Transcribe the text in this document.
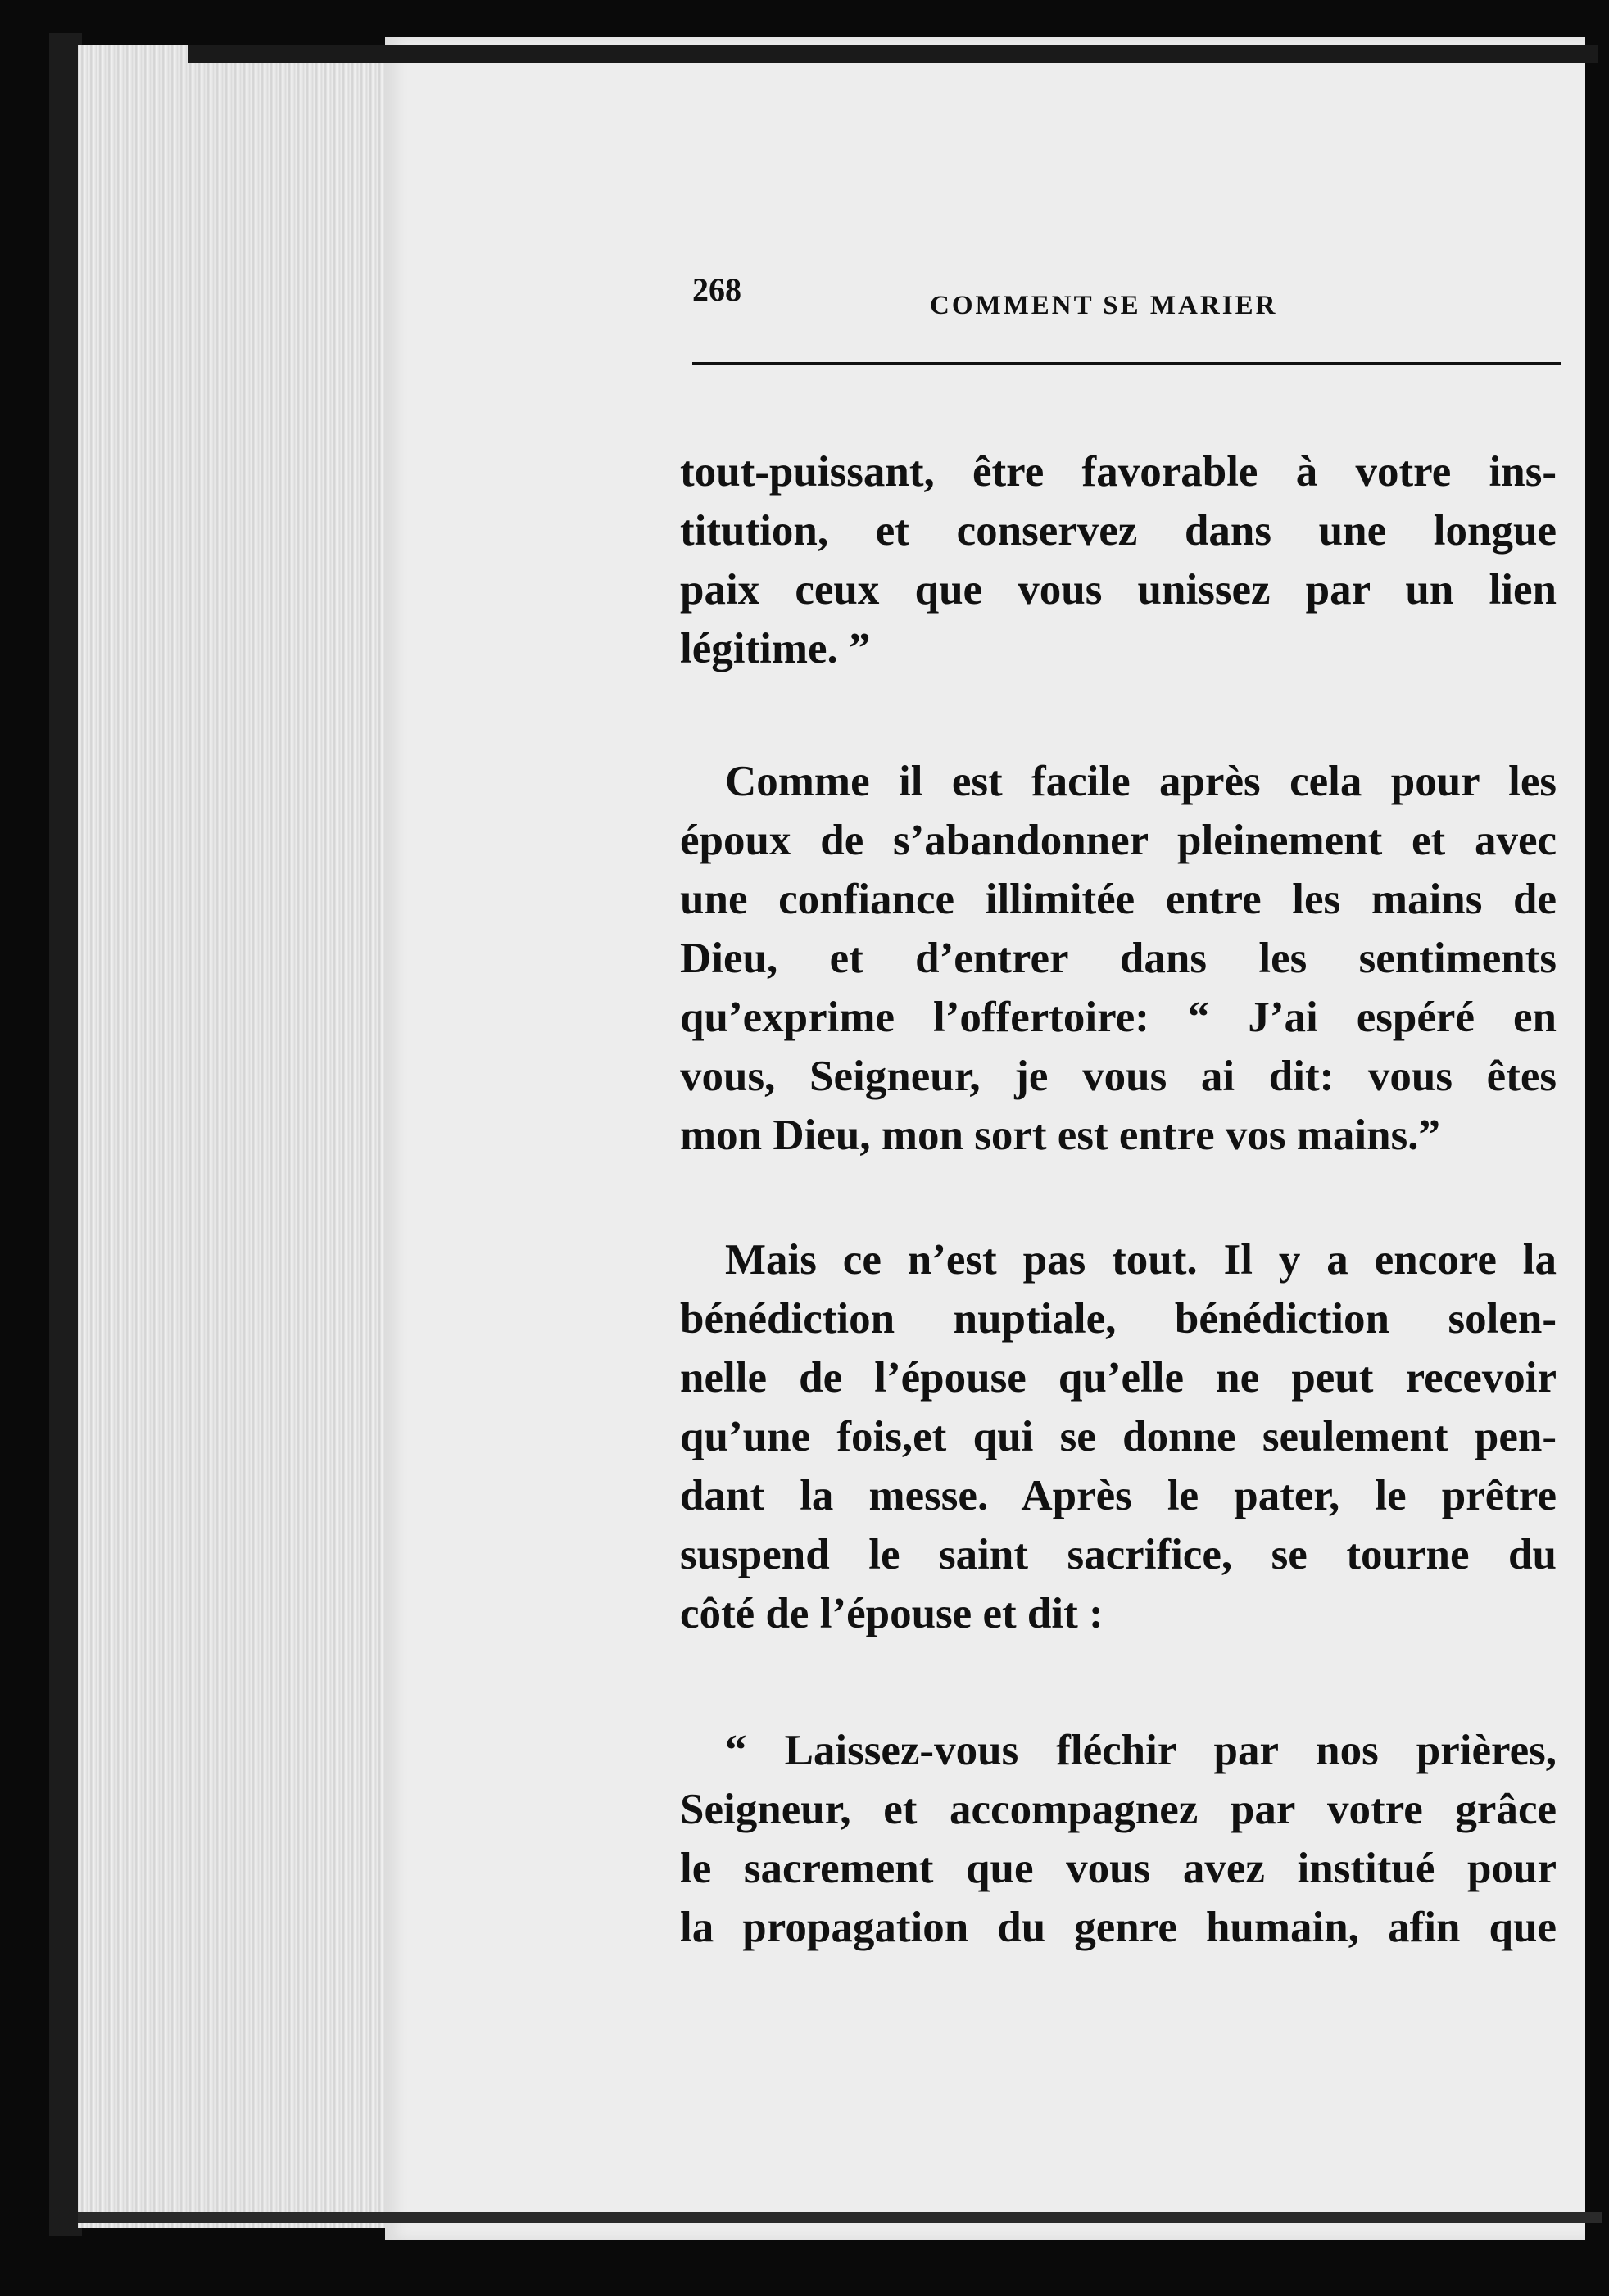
268	COMMENT SE MARIER
tout-puissant, être favorable à votre ins-
titution, et conservez dans une longue
paix ceux que vous unissez par un lien
légitime. ”
Comme il est facile après cela pour les
époux de s’abandonner pleinement et avec
une confiance illimitée entre les mains de
Dieu, et d’entrer dans les sentiments
qu’exprime l’offertoire: “ J’ai espéré en
vous, Seigneur, je vous ai dit: vous êtes
mon Dieu, mon sort est entre vos mains.”
Mais ce n’est pas tout. Il y a encore la
bénédiction nuptiale, bénédiction solen-
nelle de l’épouse qu’elle ne peut recevoir
qu’une fois,et qui se donne seulement pen-
dant la messe. Après le pater, le prêtre
suspend le saint sacrifice, se tourne du
côté de l’épouse et dit :
“ Laissez-vous fléchir par nos prières,
Seigneur, et accompagnez par votre grâce
le sacrement que vous avez institué pour
la propagation du genre humain, afin que
